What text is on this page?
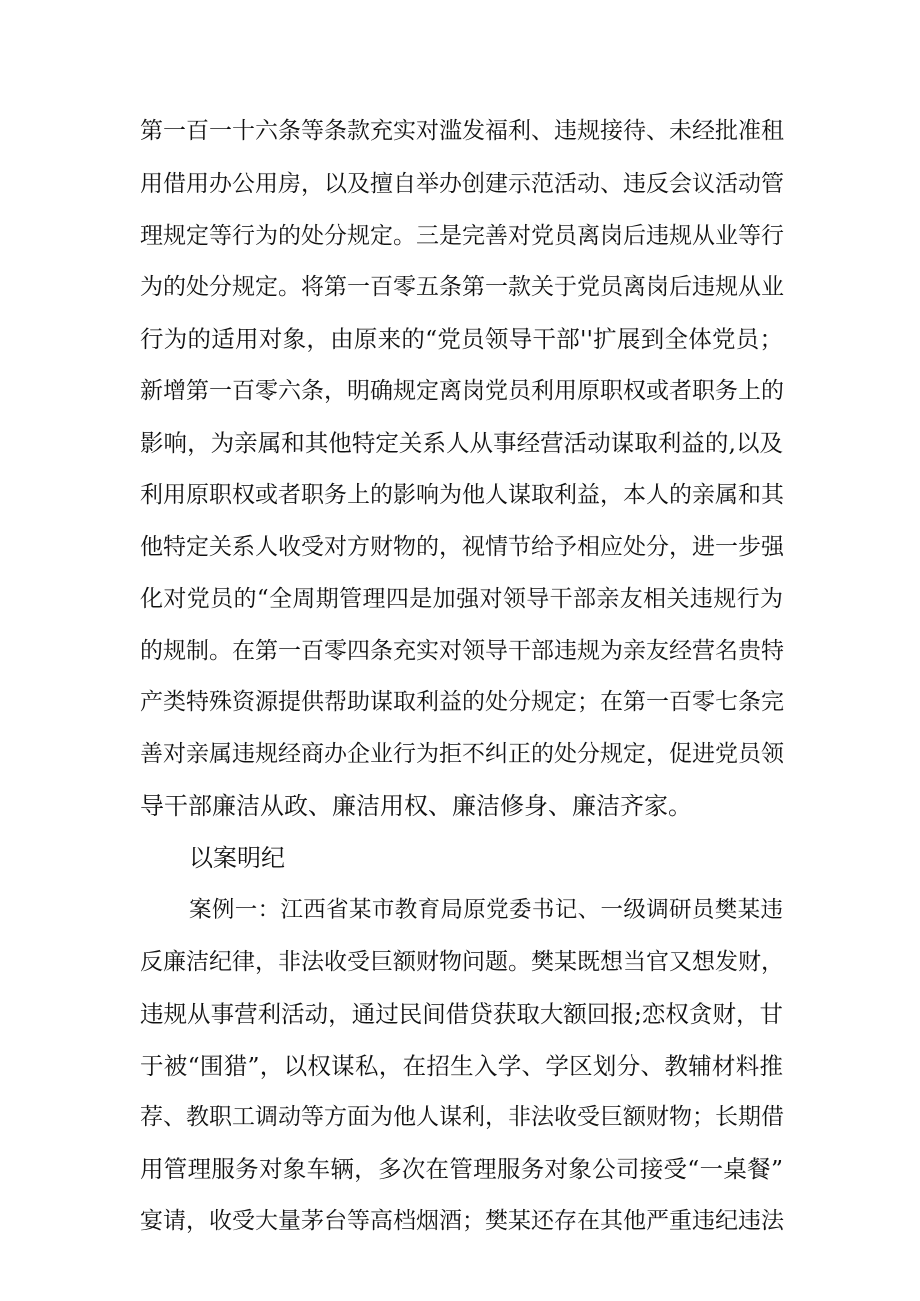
第一百一十六条等条款充实对滥发福利、违规接待、未经批准租
用借用办公用房，以及擅自举办创建示范活动、违反会议活动管
理规定等行为的处分规定。三是完善对党员离岗后违规从业等行
为的处分规定。将第一百零五条第一款关于党员离岗后违规从业
行为的适用对象，由原来的“党员领导干部''扩展到全体党员；
新增第一百零六条，明确规定离岗党员利用原职权或者职务上的
影响，为亲属和其他特定关系人从事经营活动谋取利益的,以及
利用原职权或者职务上的影响为他人谋取利益，本人的亲属和其
他特定关系人收受对方财物的，视情节给予相应处分，进一步强
化对党员的“全周期管理四是加强对领导干部亲友相关违规行为
的规制。在第一百零四条充实对领导干部违规为亲友经营名贵特
产类特殊资源提供帮助谋取利益的处分规定；在第一百零七条完
善对亲属违规经商办企业行为拒不纠正的处分规定，促进党员领
导干部廉洁从政、廉洁用权、廉洁修身、廉洁齐家。
以案明纪
案例一：江西省某市教育局原党委书记、一级调研员樊某违
反廉洁纪律，非法收受巨额财物问题。樊某既想当官又想发财，
违规从事营利活动，通过民间借贷获取大额回报;恋权贪财，甘
于被“围猎”，以权谋私，在招生入学、学区划分、教辅材料推
荐、教职工调动等方面为他人谋利，非法收受巨额财物；长期借
用管理服务对象车辆，多次在管理服务对象公司接受“一桌餐”
宴请，收受大量茅台等高档烟酒；樊某还存在其他严重违纪违法
